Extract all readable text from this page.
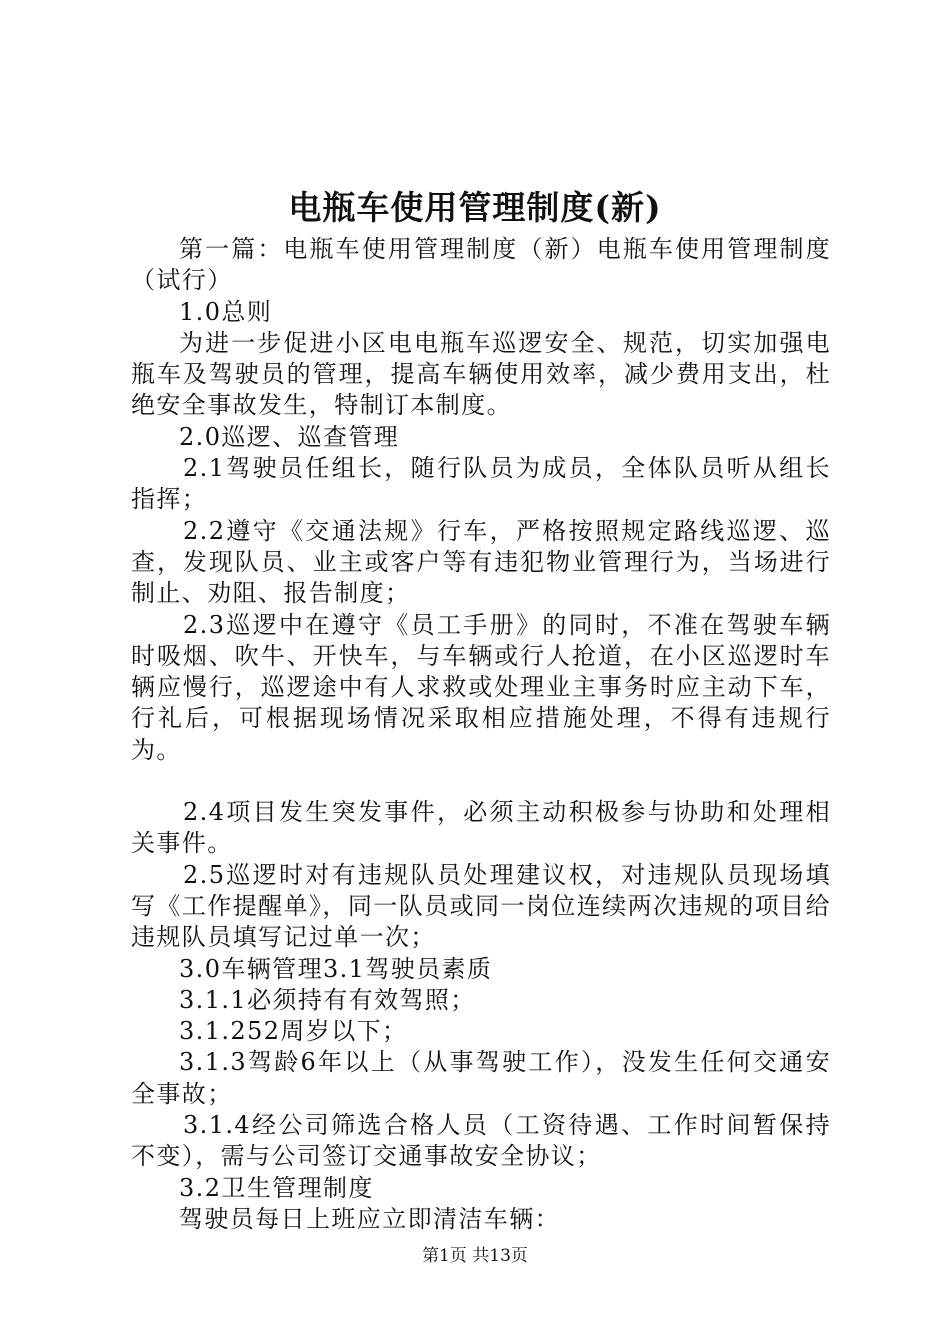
电瓶车使用管理制度(新)

第一篇：电瓶车使用管理制度（新）电瓶车使用管理制度（试行）

1.0总则

为进一步促进小区电电瓶车巡逻安全、规范，切实加强电瓶车及驾驶员的管理，提高车辆使用效率，减少费用支出，杜绝安全事故发生，特制订本制度。

2.0巡逻、巡查管理

2.1驾驶员任组长，随行队员为成员，全体队员听从组长指挥；

2.2遵守《交通法规》行车，严格按照规定路线巡逻、巡查，发现队员、业主或客户等有违犯物业管理行为，当场进行制止、劝阻、报告制度；

2.3巡逻中在遵守《员工手册》的同时，不准在驾驶车辆时吸烟、吹牛、开快车，与车辆或行人抢道，在小区巡逻时车辆应慢行，巡逻途中有人求救或处理业主事务时应主动下车，行礼后，可根据现场情况采取相应措施处理，不得有违规行为。

2.4项目发生突发事件，必须主动积极参与协助和处理相关事件。

2.5巡逻时对有违规队员处理建议权，对违规队员现场填写《工作提醒单》，同一队员或同一岗位连续两次违规的项目给违规队员填写记过单一次；

3.0车辆管理3.1驾驶员素质

3.1.1必须持有有效驾照；

3.1.252周岁以下；

3.1.3驾龄6年以上（从事驾驶工作），没发生任何交通安全事故；

3.1.4经公司筛选合格人员（工资待遇、工作时间暂保持不变），需与公司签订交通事故安全协议；

3.2卫生管理制度

驾驶员每日上班应立即清洁车辆：

第1页 共13页
